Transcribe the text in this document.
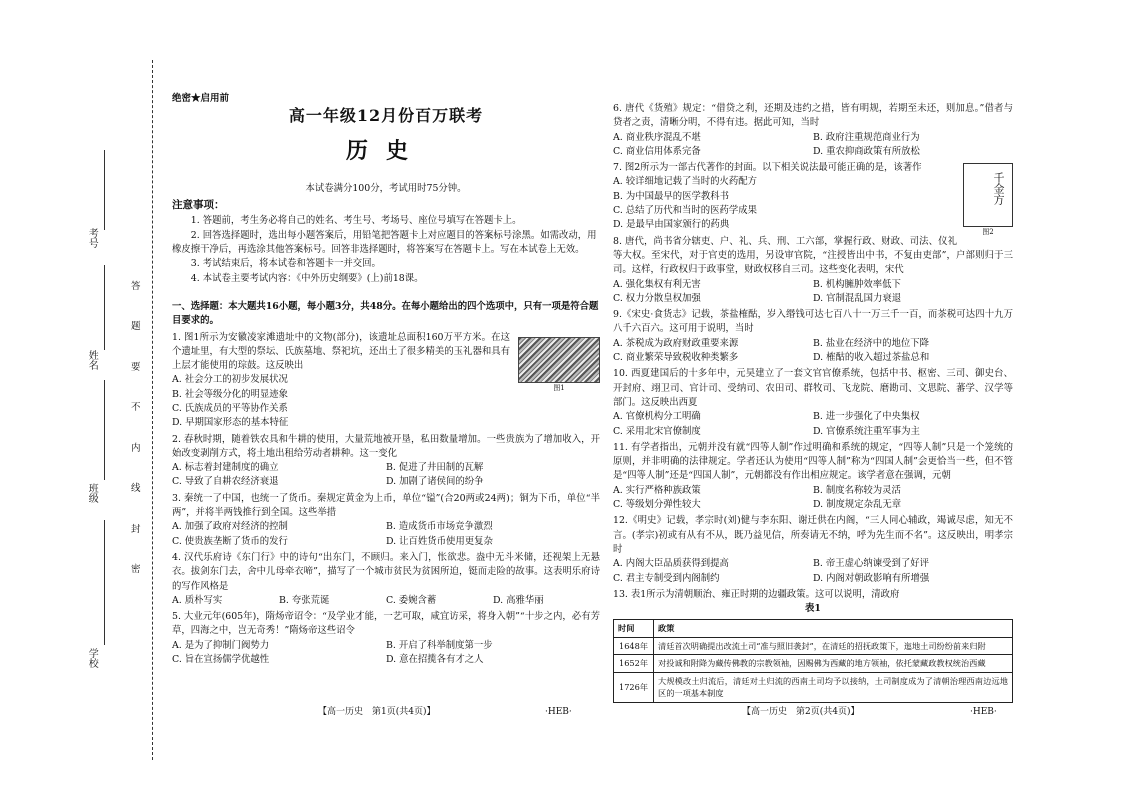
考号
姓名
班级
学校
答
题
要
不
内
线
封
密
绝密★启用前
高一年级12月份百万联考
历史
本试卷满分100分，考试用时75分钟。
注意事项：
1. 答题前，考生务必将自己的姓名、考生号、考场号、座位号填写在答题卡上。
2. 回答选择题时，选出每小题答案后，用铅笔把答题卡上对应题目的答案标号涂黑。如需改动，用橡皮擦干净后，再选涂其他答案标号。回答非选择题时，将答案写在答题卡上。写在本试卷上无效。
3. 考试结束后，将本试卷和答题卡一并交回。
4. 本试卷主要考试内容：《中外历史纲要》(上)前18课。
一、选择题：本大题共16小题，每小题3分，共48分。在每小题给出的四个选项中，只有一项是符合题目要求的。
图1
1. 图1所示为安徽凌家滩遗址中的文物(部分)，该遗址总面积160万平方米。在这个遗址里，有大型的祭坛、氏族墓地、祭祀坑，还出土了很多精美的玉礼器和具有上层才能使用的琮鼓。这反映出
A. 社会分工的初步发展状况
B. 社会等级分化的明显迹象
C. 氏族成员的平等协作关系
D. 早期国家形态的基本特征
2. 春秋时期，随着铁农具和牛耕的使用，大量荒地被开垦，私田数量增加。一些贵族为了增加收入，开始改变剥削方式，将土地出租给劳动者耕种。这一变化
A. 标志着封建制度的确立	B. 促进了井田制的瓦解
C. 导致了自耕农经济衰退	D. 加剧了诸侯间的纷争
3. 秦统一了中国，也统一了货币。秦规定黄金为上币，单位“镒”(合20两或24两)；铜为下币，单位“半两”，并将半两钱推行到全国。这些举措
A. 加强了政府对经济的控制	B. 造成货币市场竞争激烈
C. 使贵族垄断了货币的发行	D. 让百姓货币使用更复杂
4. 汉代乐府诗《东门行》中的诗句“出东门，不顾归。来入门，怅欲悲。盎中无斗米储，还视架上无悬衣。拔剑东门去，舍中儿母牵衣啼”，描写了一个城市贫民为贫困所迫，铤而走险的故事。这表明乐府诗的写作风格是
A. 质朴写实	B. 夸张荒诞	C. 委婉含蓄	D. 高雅华丽
5. 大业元年(605年)，隋炀帝诏令：“及学业才能，一艺可取，咸宜访采，将身入朝”“十步之内，必有芳草，四海之中，岂无奇秀！”隋炀帝这些诏令
A. 是为了抑制门阀势力	B. 开启了科举制度第一步
C. 旨在宣扬儒学优越性	D. 意在招揽各有才之人
【高一历史　第1页(共4页)】	·HEB·
6. 唐代《货殖》规定：“借贷之利，还期及违约之措，皆有明规，若期至未还，则加息。”借者与贷者之责，清晰分明，不得有违。据此可知，当时
A. 商业秩序混乱不堪	B. 政府注重规范商业行为
C. 商业信用体系完备	D. 重农抑商政策有所放松
千金方
图2
7. 图2所示为一部古代著作的封面。以下相关说法最可能正确的是，该著作
A. 较详细地记载了当时的火药配方
B. 为中国最早的医学教科书
C. 总结了历代和当时的医药学成果
D. 是最早由国家颁行的药典
8. 唐代，尚书省分辖吏、户、礼、兵、刑、工六部，掌握行政、财政、司法、仪礼等大权。至宋代，对于官吏的选用，另设审官院，“注授皆出中书，不复由吏部”，户部则归于三司。这样，行政权归于政事堂，财政权移自三司。这些变化表明，宋代
A. 强化集权有利无害	B. 机构臃肿效率低下
C. 权力分散皇权加强	D. 官制混乱国力衰退
9.《宋史·食货志》记载，茶盐榷酤，岁入缗钱可达七百八十一万三千一百，而茶税可达四十九万八千六百六。这可用于说明，当时
A. 茶税成为政府财政重要来源	B. 盐业在经济中的地位下降
C. 商业繁荣导致税收种类繁多	D. 榷酤的收入超过茶盐总和
10. 西夏建国后的十多年中，元昊建立了一套文官官僚系统，包括中书、枢密、三司、御史台、开封府、翊卫司、官计司、受纳司、农田司、群牧司、飞龙院、磨勘司、文思院、蕃学、汉学等部门。这反映出西夏
A. 官僚机构分工明确	B. 进一步强化了中央集权
C. 采用北宋官僚制度	D. 官僚系统注重军事为主
11. 有学者指出，元朝并没有就“四等人制”作过明确和系统的规定，“四等人制”只是一个笼统的原则，并非明确的法律规定。学者还认为使用“四等人制”称为“四国人制”会更恰当一些，但不管是“四等人制”还是“四国人制”，元朝都没有作出相应规定。该学者意在强调，元朝
A. 实行严格种族政策	B. 制度名称较为灵活
C. 等级划分弹性较大	D. 制度规定杂乱无章
12.《明史》记载，孝宗时(刘)健与李东阳、谢迁供在内阁，“三人同心辅政，竭诚尽虑，知无不言。(孝宗)初或有从有不从，既乃益见信，所奏请无不纳，呼为先生而不名”。这反映出，明孝宗时
A. 内阁大臣品质获得到提高	B. 帝王虚心纳谏受到了好评
C. 君主专制受到内阁制约	D. 内阁对朝政影响有所增强
13. 表1所示为清朝顺治、雍正时期的边疆政策。这可以说明，清政府
表1
时间	政策
1648年	清廷首次明确提出改流土司“准与照旧袭封”，在清廷的招抚政策下，迤地土司纷纷前来归附
1652年	对投诚和附降为藏传佛教的宗教领袖，因赐佛为西藏的地方领袖，依托蒙藏政教权统治西藏
1726年	大规模改土归流后，清廷对土归流的西南土司均予以接纳，土司制度成为了清朝治理西南边远地区的一项基本制度
【高一历史　第2页(共4页)】	·HEB·
